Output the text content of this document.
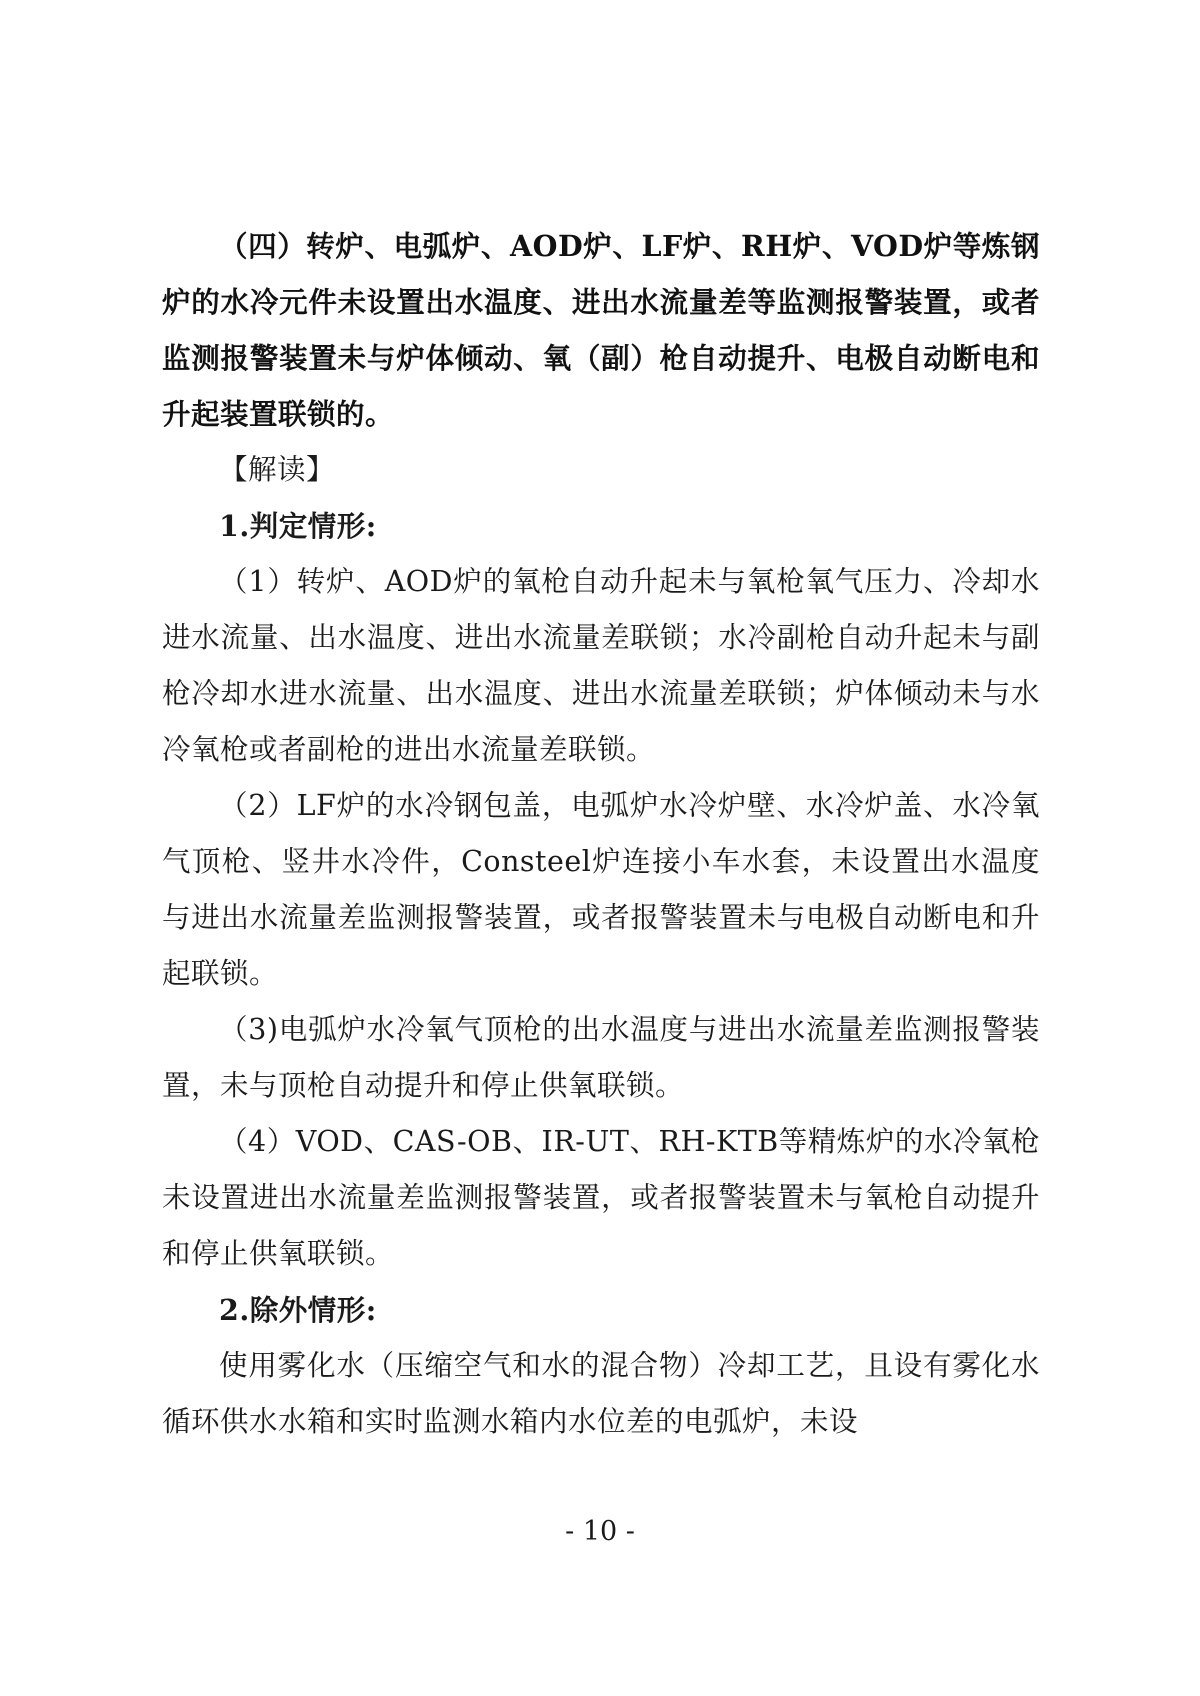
（四）转炉、电弧炉、AOD炉、LF炉、RH炉、VOD炉等炼钢炉的水冷元件未设置出水温度、进出水流量差等监测报警装置，或者监测报警装置未与炉体倾动、氧（副）枪自动提升、电极自动断电和升起装置联锁的。

【解读】

1.判定情形:

（1）转炉、AOD炉的氧枪自动升起未与氧枪氧气压力、冷却水进水流量、出水温度、进出水流量差联锁；水冷副枪自动升起未与副枪冷却水进水流量、出水温度、进出水流量差联锁；炉体倾动未与水冷氧枪或者副枪的进出水流量差联锁。

（2）LF炉的水冷钢包盖，电弧炉水冷炉壁、水冷炉盖、水冷氧气顶枪、竖井水冷件，Consteel炉连接小车水套，未设置出水温度与进出水流量差监测报警装置，或者报警装置未与电极自动断电和升起联锁。

（3)电弧炉水冷氧气顶枪的出水温度与进出水流量差监测报警装置，未与顶枪自动提升和停止供氧联锁。

（4）VOD、CAS-OB、IR-UT、RH-KTB等精炼炉的水冷氧枪未设置进出水流量差监测报警装置，或者报警装置未与氧枪自动提升和停止供氧联锁。

2.除外情形:

使用雾化水（压缩空气和水的混合物）冷却工艺，且设有雾化水循环供水水箱和实时监测水箱内水位差的电弧炉，未设

- 10 -
